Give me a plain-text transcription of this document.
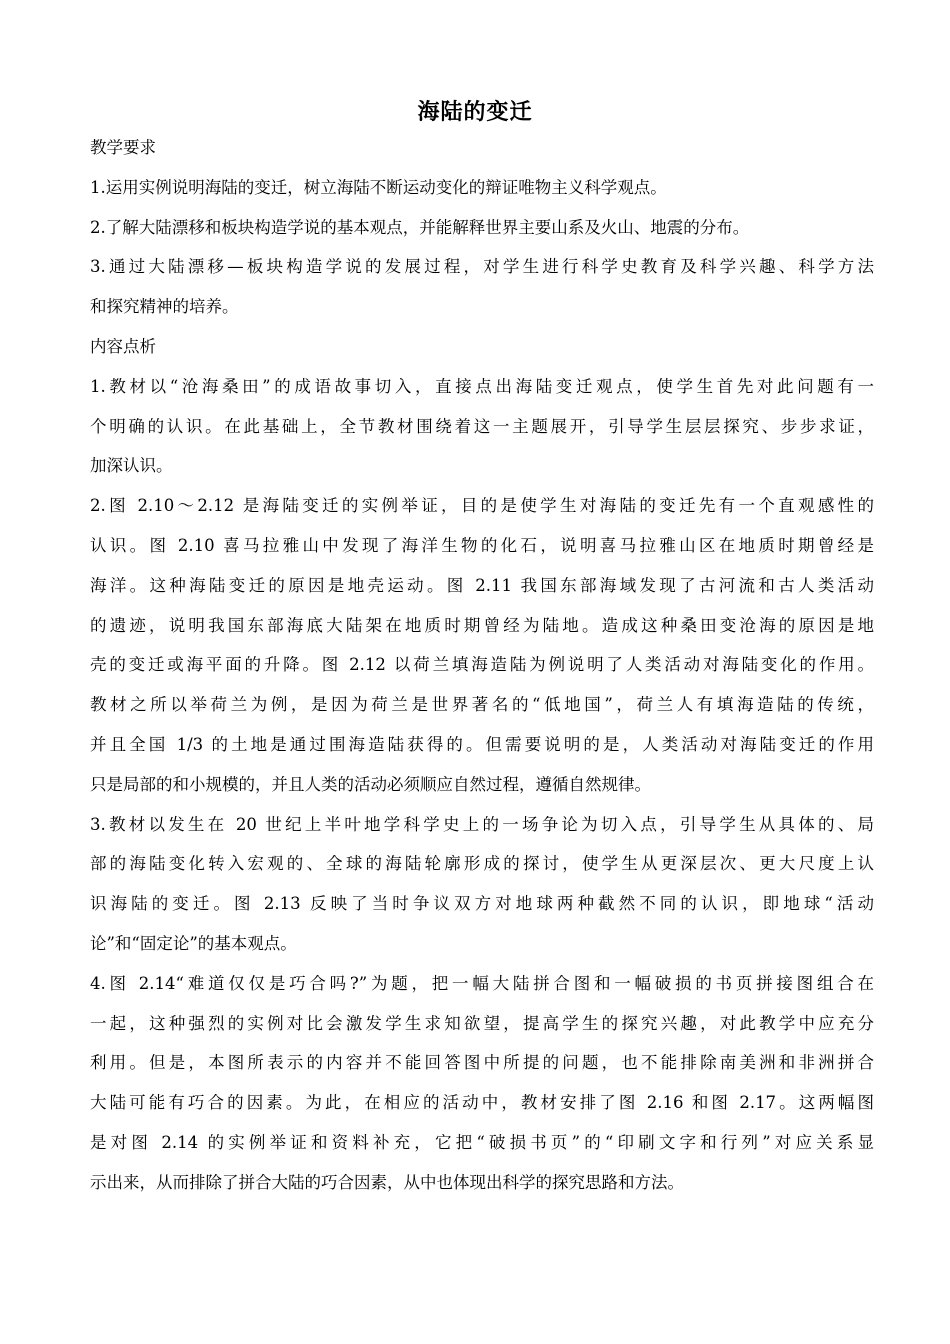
海陆的变迁
教学要求
1.运用实例说明海陆的变迁，树立海陆不断运动变化的辩证唯物主义科学观点。
2.了解大陆漂移和板块构造学说的基本观点，并能解释世界主要山系及火山、地震的分布。
3.通过大陆漂移—板块构造学说的发展过程，对学生进行科学史教育及科学兴趣、科学方法
和探究精神的培养。
内容点析
1.教材以“沧海桑田”的成语故事切入，直接点出海陆变迁观点，使学生首先对此问题有一
个明确的认识。在此基础上，全节教材围绕着这一主题展开，引导学生层层探究、步步求证，
加深认识。
2.图 2.10～2.12 是海陆变迁的实例举证，目的是使学生对海陆的变迁先有一个直观感性的
认识。图 2.10 喜马拉雅山中发现了海洋生物的化石，说明喜马拉雅山区在地质时期曾经是
海洋。这种海陆变迁的原因是地壳运动。图 2.11 我国东部海域发现了古河流和古人类活动
的遗迹，说明我国东部海底大陆架在地质时期曾经为陆地。造成这种桑田变沧海的原因是地
壳的变迁或海平面的升降。图 2.12 以荷兰填海造陆为例说明了人类活动对海陆变化的作用。
教材之所以举荷兰为例，是因为荷兰是世界著名的“低地国”，荷兰人有填海造陆的传统，
并且全国 1/3 的土地是通过围海造陆获得的。但需要说明的是，人类活动对海陆变迁的作用
只是局部的和小规模的，并且人类的活动必须顺应自然过程，遵循自然规律。
3.教材以发生在 20 世纪上半叶地学科学史上的一场争论为切入点，引导学生从具体的、局
部的海陆变化转入宏观的、全球的海陆轮廓形成的探讨，使学生从更深层次、更大尺度上认
识海陆的变迁。图 2.13 反映了当时争议双方对地球两种截然不同的认识，即地球“活动
论”和“固定论”的基本观点。
4.图 2.14“难道仅仅是巧合吗?”为题，把一幅大陆拼合图和一幅破损的书页拼接图组合在
一起，这种强烈的实例对比会激发学生求知欲望，提高学生的探究兴趣，对此教学中应充分
利用。但是，本图所表示的内容并不能回答图中所提的问题，也不能排除南美洲和非洲拼合
大陆可能有巧合的因素。为此，在相应的活动中，教材安排了图 2.16 和图 2.17。这两幅图
是对图 2.14 的实例举证和资料补充，它把“破损书页”的“印刷文字和行列”对应关系显
示出来，从而排除了拼合大陆的巧合因素，从中也体现出科学的探究思路和方法。
